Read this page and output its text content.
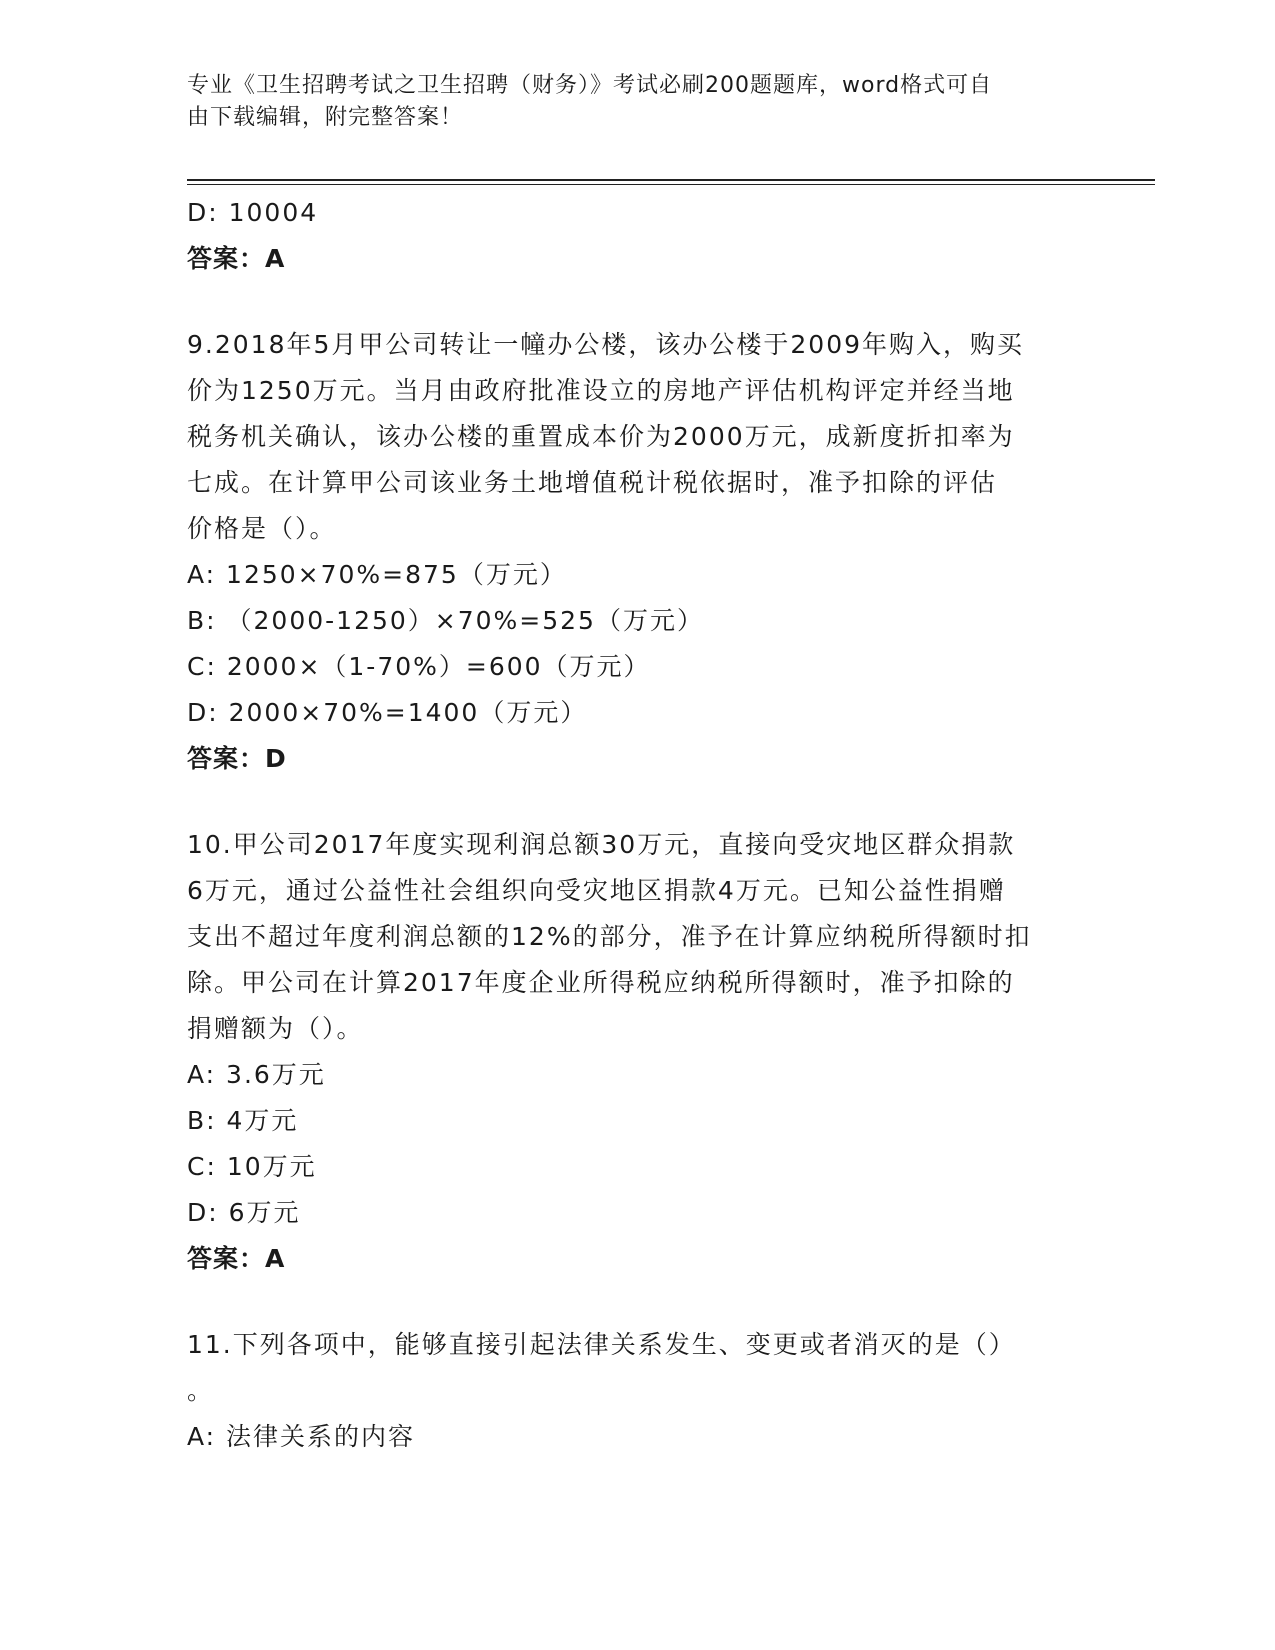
专业《卫生招聘考试之卫生招聘（财务）》考试必刷200题题库，word格式可自
由下载编辑，附完整答案！
D: 10004
答案：A
9.2018年5月甲公司转让一幢办公楼，该办公楼于2009年购入，购买
价为1250万元。当月由政府批准设立的房地产评估机构评定并经当地
税务机关确认，该办公楼的重置成本价为2000万元，成新度折扣率为
七成。在计算甲公司该业务土地增值税计税依据时，准予扣除的评估
价格是（）。
A: 1250×70%=875（万元）
B: （2000-1250）×70%=525（万元）
C: 2000×（1-70%）=600（万元）
D: 2000×70%=1400（万元）
答案：D
10.甲公司2017年度实现利润总额30万元，直接向受灾地区群众捐款
6万元，通过公益性社会组织向受灾地区捐款4万元。已知公益性捐赠
支出不超过年度利润总额的12%的部分，准予在计算应纳税所得额时扣
除。甲公司在计算2017年度企业所得税应纳税所得额时，准予扣除的
捐赠额为（）。
A: 3.6万元
B: 4万元
C: 10万元
D: 6万元
答案：A
11.下列各项中，能够直接引起法律关系发生、变更或者消灭的是（）
。
A: 法律关系的内容
